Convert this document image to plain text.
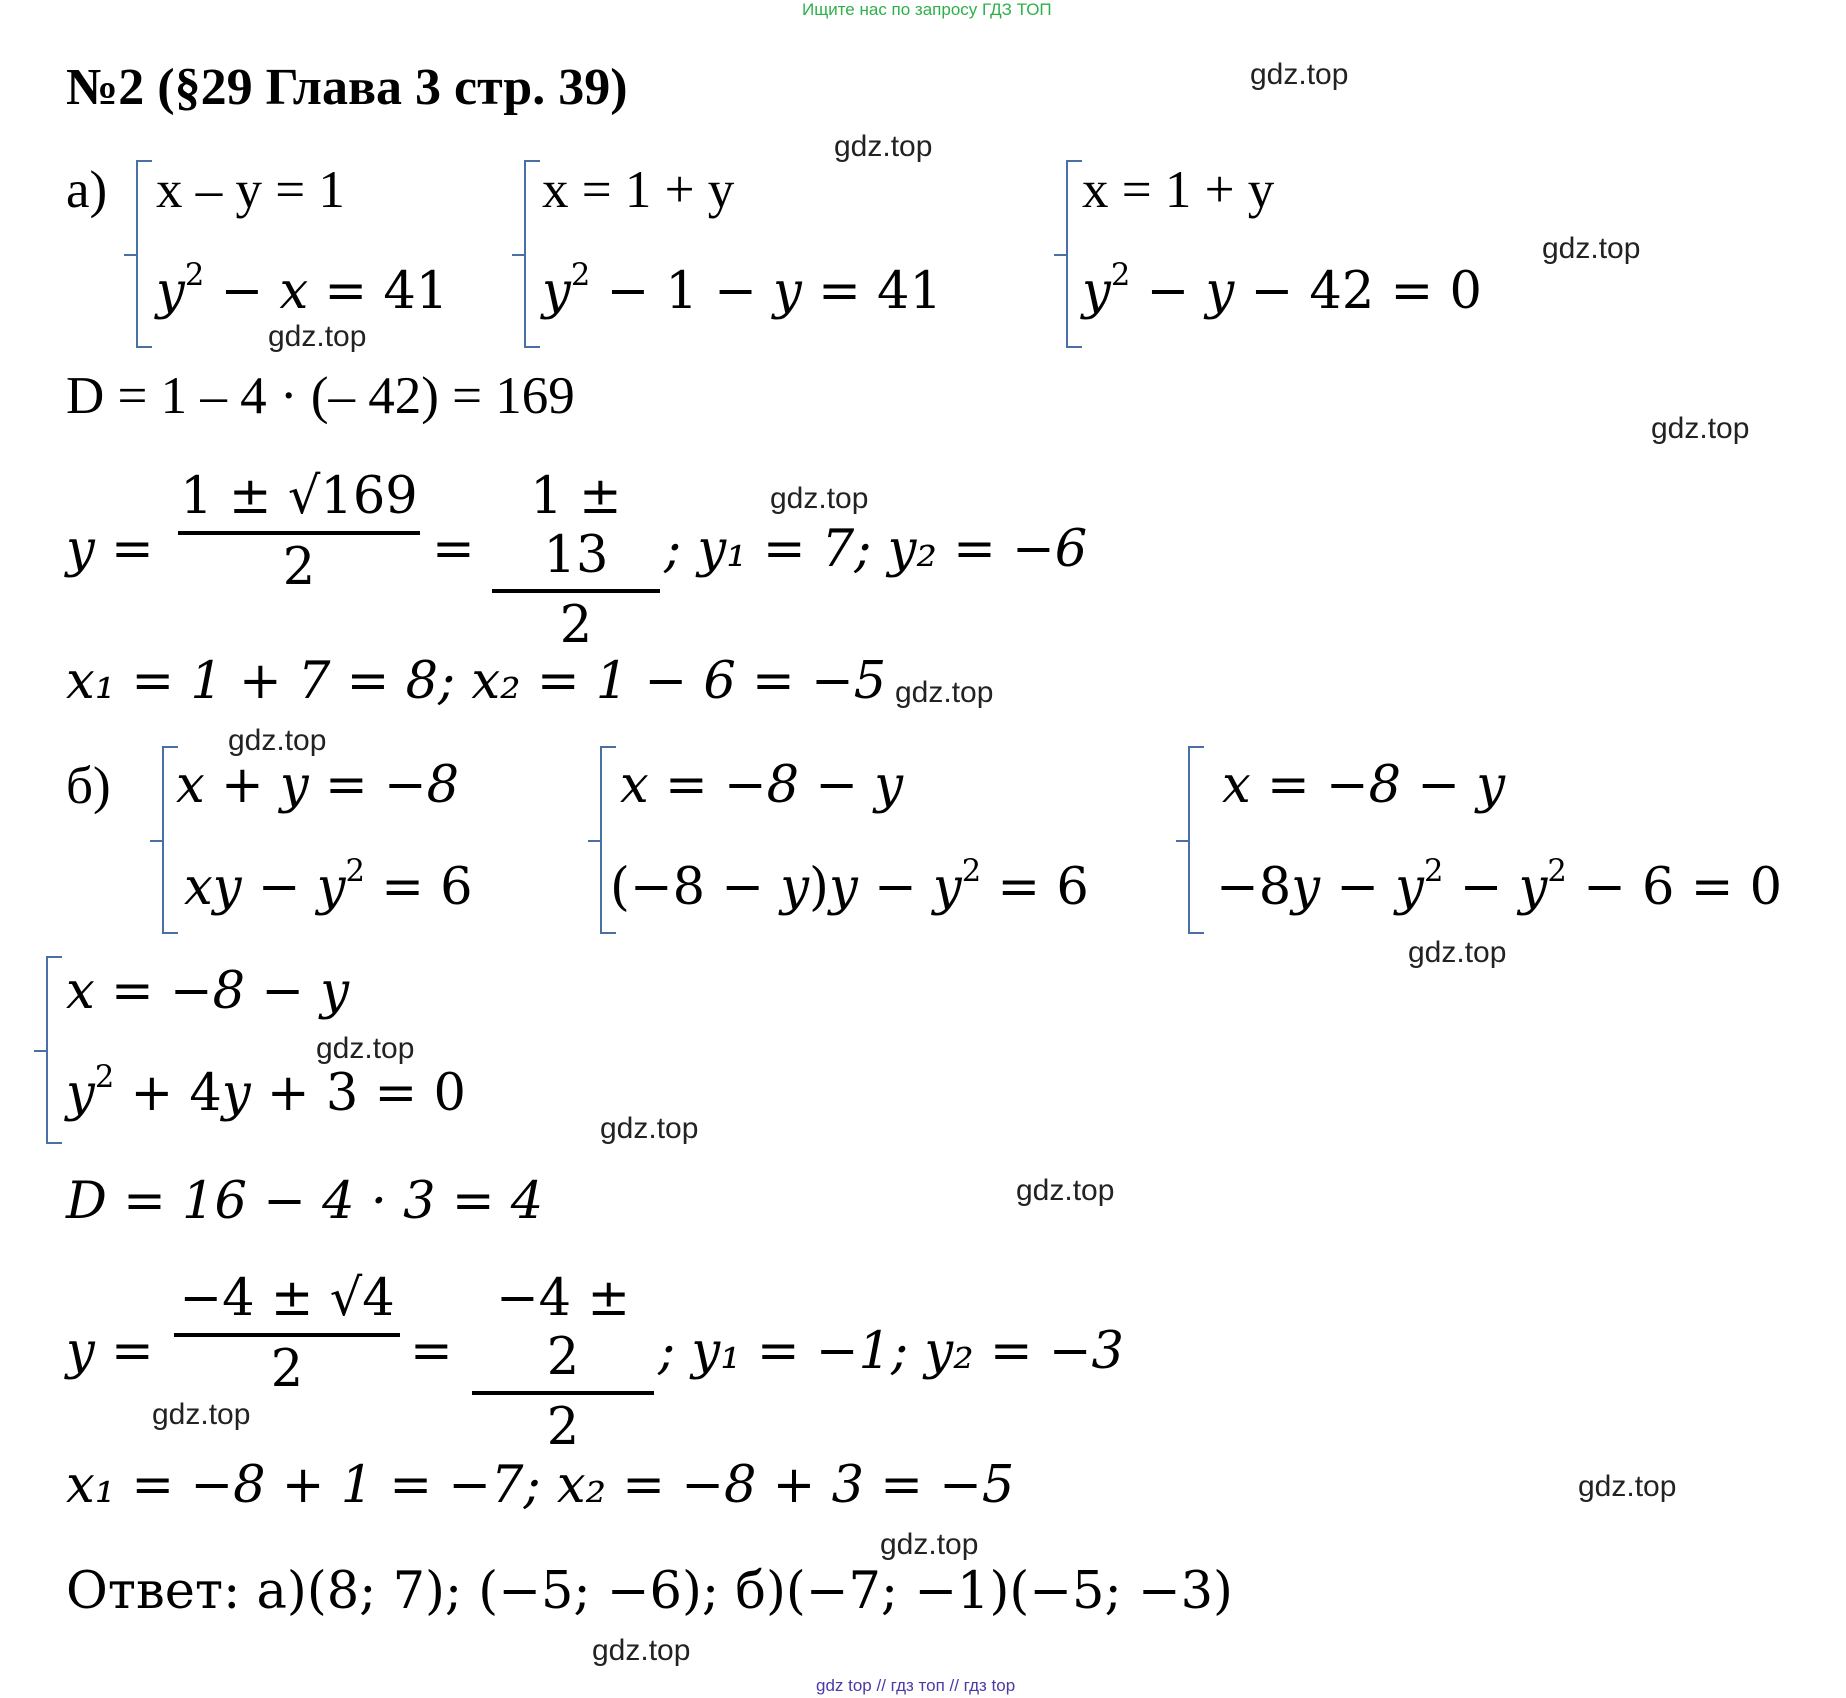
Ищите нас по запросу ГДЗ ТОП
№2 (§29 Глава 3 стр. 39)	gdz.top
gdz.top
gdz.top
gdz.top
gdz.top
gdz.top
gdz.top
gdz.top
gdz.top
gdz.top
gdz.top
gdz.top
gdz.top
gdz.top
gdz.top
gdz.top
а) x – y = 1
$y^2 - x = 41$
x = 1 + y
$y^2 - 1 - y = 41$
x = 1 + y
$y^2 - y - 42 = 0$
D = 1 – 4 · (– 42) = 169
y =
1 ± √169
2	=
1 ± 13
2
; y₁ = 7; y₂ = −6
x₁ = 1 + 7 = 8; x₂ = 1 − 6 = −5
б) x + y = −8
xy − $y^2 = 6$
x = −8 − y
$(-8 - y)y - y^2 = 6$
x = −8 − y
$-8y - y^2 - y^2 - 6 = 0$
x = −8 − y
$y^2 + 4y + 3 = 0$
D = 16 − 4 · 3 = 4
y =
−4 ± √4
2	=
−4 ± 2
2
; y₁ = −1; y₂ = −3
x₁ = −8 + 1 = −7; x₂ = −8 + 3 = −5
Ответ: а)(8; 7); (−5; −6); б)(−7; −1)(−5; −3)
gdz top // гдз топ // гдз top
